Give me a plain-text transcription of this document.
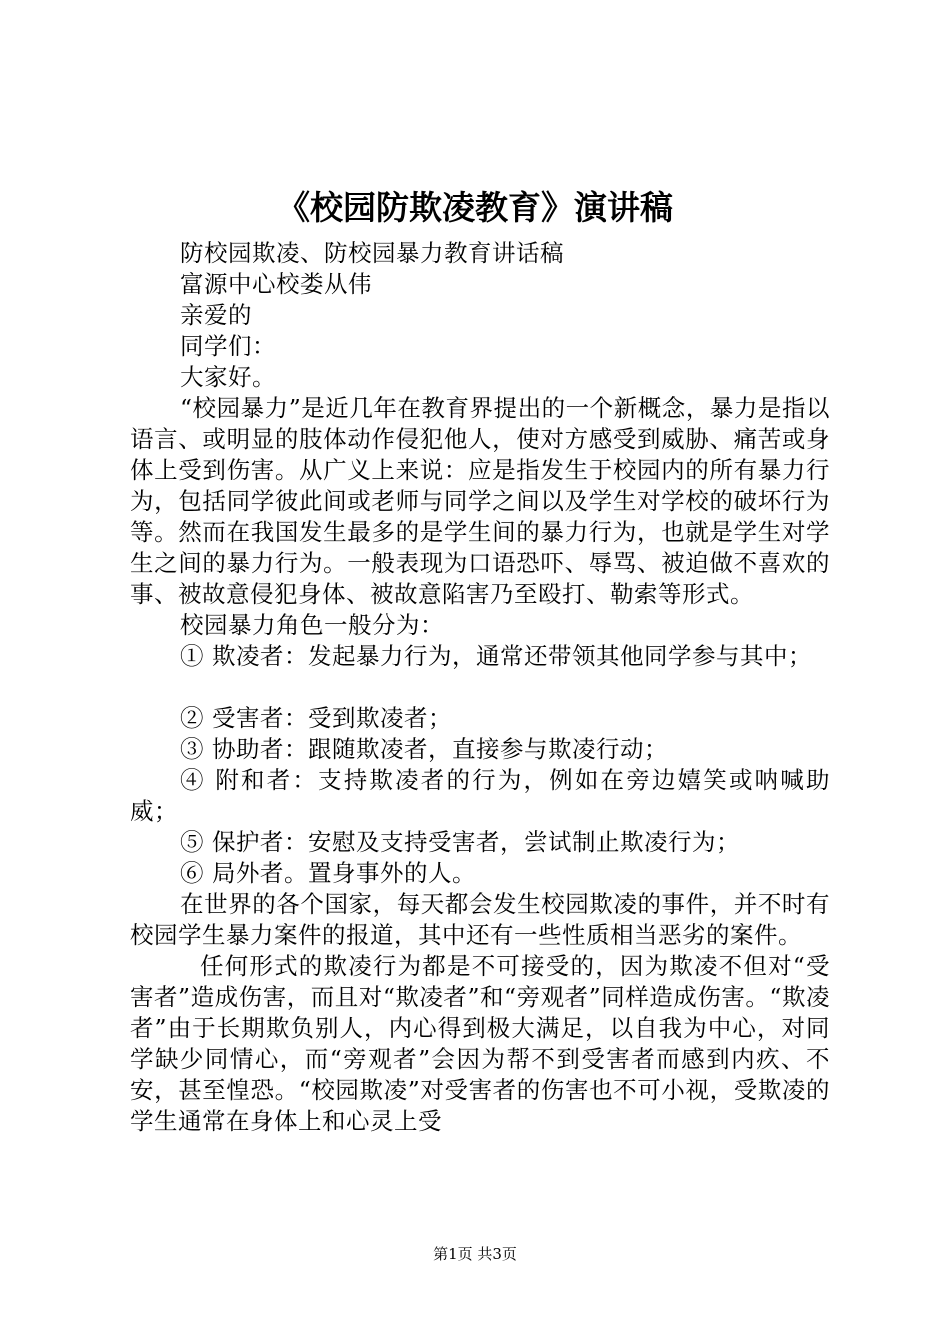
《校园防欺凌教育》演讲稿

防校园欺凌、防校园暴力教育讲话稿

富源中心校娄从伟

亲爱的

同学们：

大家好。

“校园暴力”是近几年在教育界提出的一个新概念，暴力是指以语言、或明显的肢体动作侵犯他人，使对方感受到威胁、痛苦或身体上受到伤害。从广义上来说：应是指发生于校园内的所有暴力行为，包括同学彼此间或老师与同学之间以及学生对学校的破坏行为等。然而在我国发生最多的是学生间的暴力行为，也就是学生对学生之间的暴力行为。一般表现为口语恐吓、辱骂、被迫做不喜欢的事、被故意侵犯身体、被故意陷害乃至殴打、勒索等形式。

校园暴力角色一般分为：

① 欺凌者：发起暴力行为，通常还带领其他同学参与其中；

② 受害者：受到欺凌者；

③ 协助者：跟随欺凌者，直接参与欺凌行动；

④ 附和者：支持欺凌者的行为，例如在旁边嬉笑或呐喊助威；

⑤ 保护者：安慰及支持受害者，尝试制止欺凌行为；

⑥ 局外者。置身事外的人。

在世界的各个国家，每天都会发生校园欺凌的事件，并不时有校园学生暴力案件的报道，其中还有一些性质相当恶劣的案件。

任何形式的欺凌行为都是不可接受的，因为欺凌不但对“受害者”造成伤害，而且对“欺凌者”和“旁观者”同样造成伤害。“欺凌者”由于长期欺负别人，内心得到极大满足，以自我为中心，对同学缺少同情心，而“旁观者”会因为帮不到受害者而感到内疚、不安，甚至惶恐。“校园欺凌”对受害者的伤害也不可小视，受欺凌的学生通常在身体上和心灵上受

第1页 共3页
